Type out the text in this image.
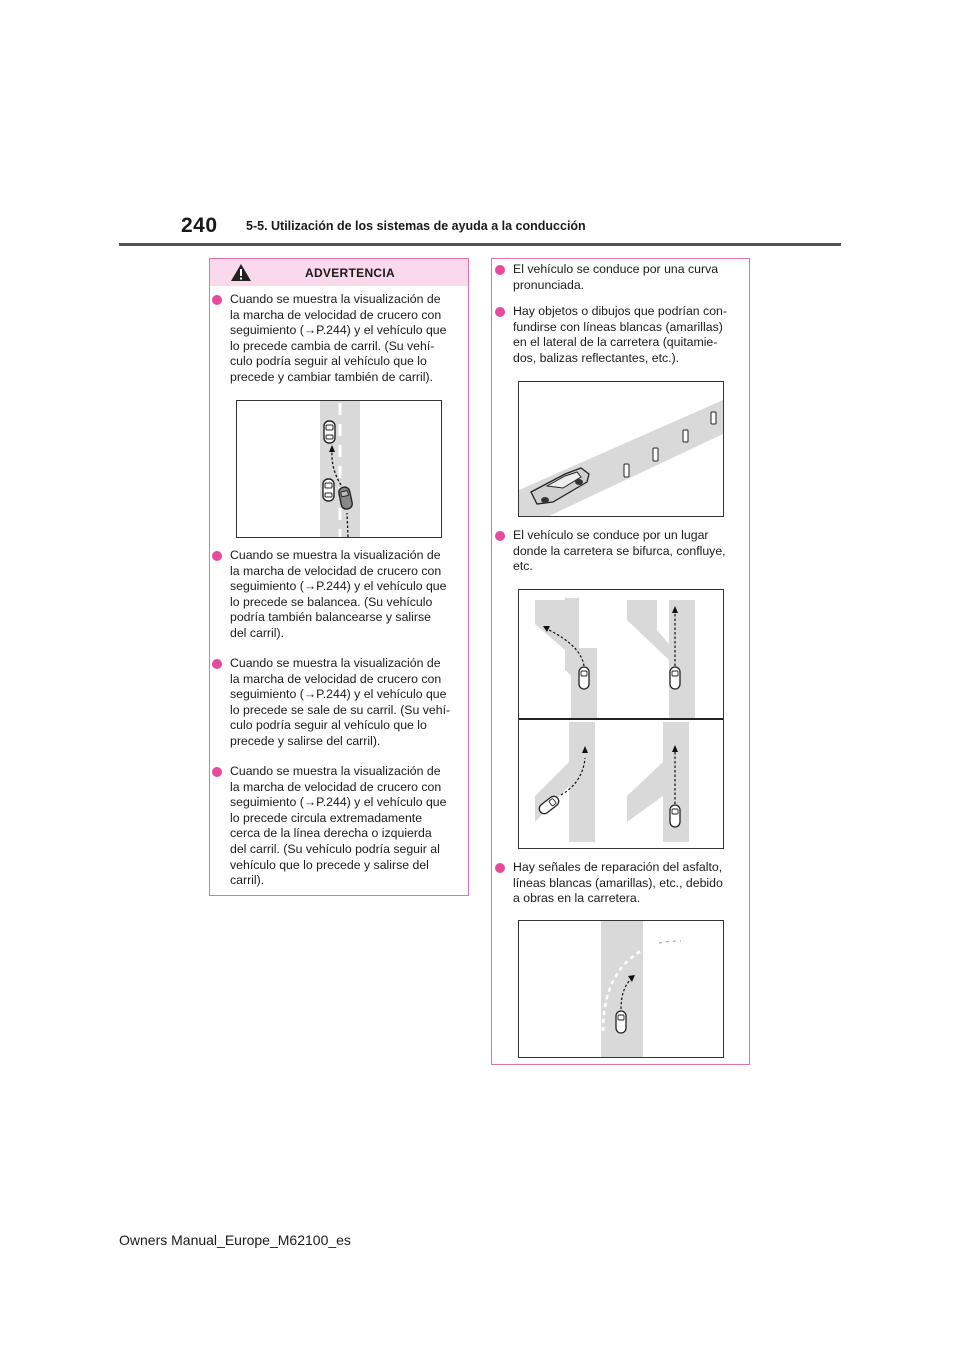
240 5-5. Utilización de los sistemas de ayuda a la conducción
ADVERTENCIA
Cuando se muestra la visualización de
la marcha de velocidad de crucero con
seguimiento (→P.244) y el vehículo que
lo precede cambia de carril. (Su vehí-
culo podría seguir al vehículo que lo
precede y cambiar también de carril).
Cuando se muestra la visualización de
la marcha de velocidad de crucero con
seguimiento (→P.244) y el vehículo que
lo precede se balancea. (Su vehículo
podría también balancearse y salirse
del carril).
Cuando se muestra la visualización de
la marcha de velocidad de crucero con
seguimiento (→P.244) y el vehículo que
lo precede se sale de su carril. (Su vehí-
culo podría seguir al vehículo que lo
precede y salirse del carril).
Cuando se muestra la visualización de
la marcha de velocidad de crucero con
seguimiento (→P.244) y el vehículo que
lo precede circula extremadamente
cerca de la línea derecha o izquierda
del carril. (Su vehículo podría seguir al
vehículo que lo precede y salirse del
carril).
El vehículo se conduce por una curva
pronunciada.
Hay objetos o dibujos que podrían con-
fundirse con líneas blancas (amarillas)
en el lateral de la carretera (quitamie-
dos, balizas reflectantes, etc.).
El vehículo se conduce por un lugar
donde la carretera se bifurca, confluye,
etc.
Hay señales de reparación del asfalto,
líneas blancas (amarillas), etc., debido
a obras en la carretera.
Owners Manual_Europe_M62100_es
